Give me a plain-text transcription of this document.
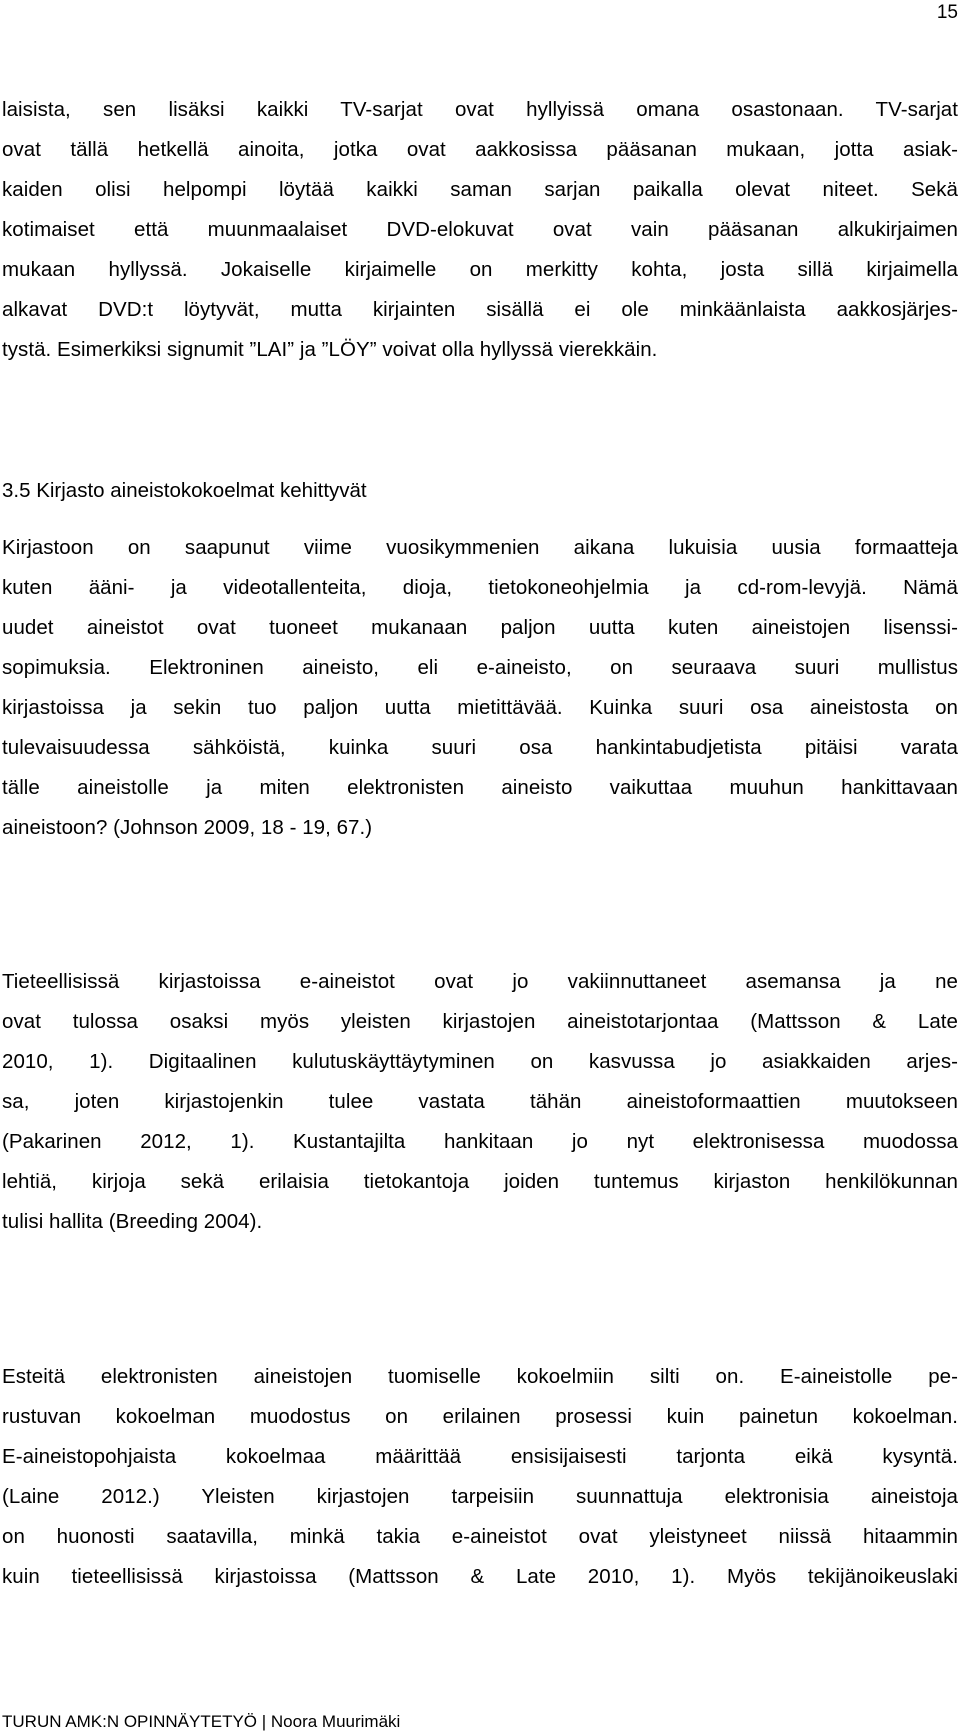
15

laisista, sen lisäksi kaikki TV-sarjat ovat hyllyissä omana osastonaan. TV-sarjat
ovat tällä hetkellä ainoita, jotka ovat aakkosissa pääsanan mukaan, jotta asiak-
kaiden olisi helpompi löytää kaikki saman sarjan paikalla olevat niteet. Sekä
kotimaiset että muunmaalaiset DVD-elokuvat ovat vain pääsanan alkukirjaimen
mukaan hyllyssä. Jokaiselle kirjaimelle on merkitty kohta, josta sillä kirjaimella
alkavat DVD:t löytyvät, mutta kirjainten sisällä ei ole minkäänlaista aakkosjärjes-
tystä. Esimerkiksi signumit ”LAI” ja ”LÖY” voivat olla hyllyssä vierekkäin.

3.5 Kirjasto aineistokokoelmat kehittyvät

Kirjastoon on saapunut viime vuosikymmenien aikana lukuisia uusia formaatteja
kuten ääni- ja videotallenteita, dioja, tietokoneohjelmia ja cd-rom-levyjä. Nämä
uudet aineistot ovat tuoneet mukanaan paljon uutta kuten aineistojen lisenssi-
sopimuksia. Elektroninen aineisto, eli e-aineisto, on seuraava suuri mullistus
kirjastoissa ja sekin tuo paljon uutta mietittävää. Kuinka suuri osa aineistosta on
tulevaisuudessa sähköistä, kuinka suuri osa hankintabudjetista pitäisi varata
tälle aineistolle ja miten elektronisten aineisto vaikuttaa muuhun hankittavaan
aineistoon? (Johnson 2009, 18 - 19, 67.)

Tieteellisissä kirjastoissa e-aineistot ovat jo vakiinnuttaneet asemansa ja ne
ovat tulossa osaksi myös yleisten kirjastojen aineistotarjontaa (Mattsson & Late
2010, 1). Digitaalinen kulutuskäyttäytyminen on kasvussa jo asiakkaiden arjes-
sa, joten kirjastojenkin tulee vastata tähän aineistoformaattien muutokseen
(Pakarinen 2012, 1). Kustantajilta hankitaan jo nyt elektronisessa muodossa
lehtiä, kirjoja sekä erilaisia tietokantoja joiden tuntemus kirjaston henkilökunnan
tulisi hallita (Breeding 2004).

Esteitä elektronisten aineistojen tuomiselle kokoelmiin silti on. E-aineistolle pe-
rustuvan kokoelman muodostus on erilainen prosessi kuin painetun kokoelman.
E-aineistopohjaista kokoelmaa määrittää ensisijaisesti tarjonta eikä kysyntä.
(Laine 2012.) Yleisten kirjastojen tarpeisiin suunnattuja elektronisia aineistoja
on huonosti saatavilla, minkä takia e-aineistot ovat yleistyneet niissä hitaammin
kuin tieteellisissä kirjastoissa (Mattsson & Late 2010, 1). Myös tekijänoikeuslaki

TURUN AMK:N OPINNÄYTETYÖ | Noora Muurimäki
